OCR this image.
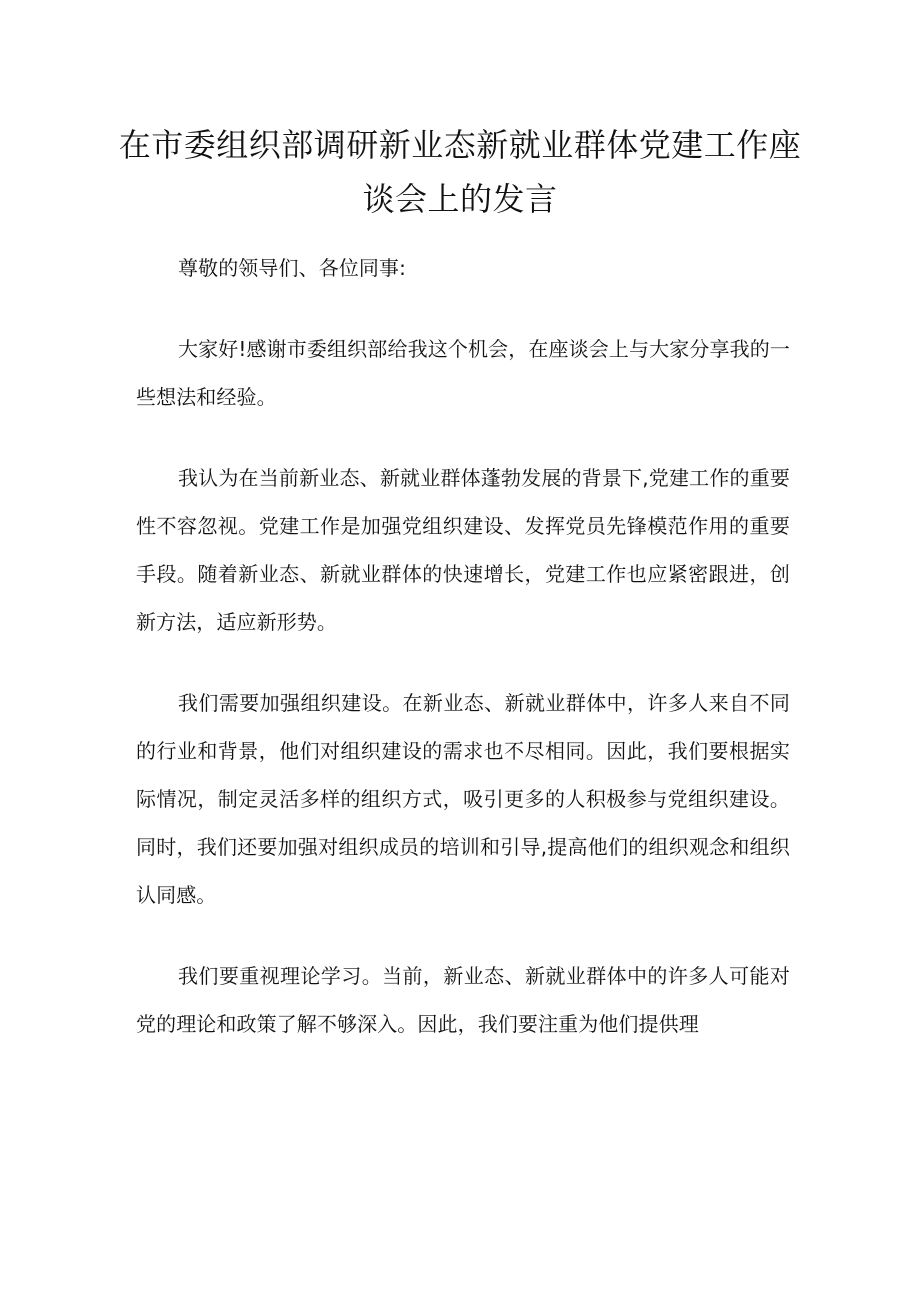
在市委组织部调研新业态新就业群体党建工作座谈会上的发言

尊敬的领导们、各位同事:

大家好!感谢市委组织部给我这个机会，在座谈会上与大家分享我的一些想法和经验。

我认为在当前新业态、新就业群体蓬勃发展的背景下,党建工作的重要性不容忽视。党建工作是加强党组织建设、发挥党员先锋模范作用的重要手段。随着新业态、新就业群体的快速增长，党建工作也应紧密跟进，创新方法，适应新形势。

我们需要加强组织建设。在新业态、新就业群体中，许多人来自不同的行业和背景，他们对组织建设的需求也不尽相同。因此，我们要根据实际情况，制定灵活多样的组织方式，吸引更多的人积极参与党组织建设。同时，我们还要加强对组织成员的培训和引导,提高他们的组织观念和组织认同感。

我们要重视理论学习。当前，新业态、新就业群体中的许多人可能对党的理论和政策了解不够深入。因此，我们要注重为他们提供理
